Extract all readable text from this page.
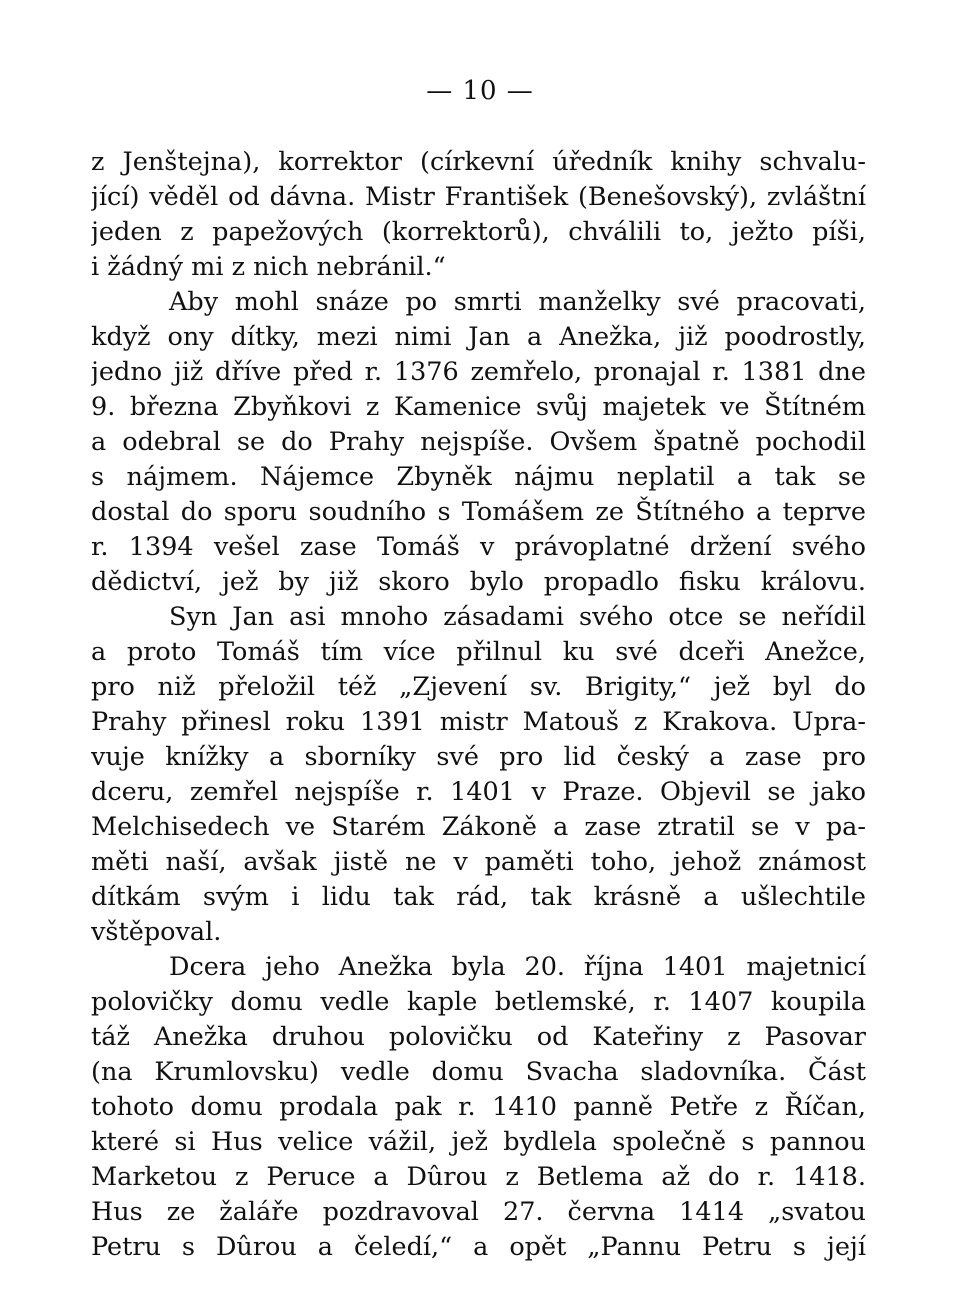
— 10 —
z Jenštejna), korrektor (církevní úředník knihy schvalu-
jící) věděl od dávna. Mistr František (Benešovský), zvláštní
jeden z papežových (korrektorů), chválili to, ježto píši,
i žádný mi z nich nebránil.“
Aby mohl snáze po smrti manželky své pracovati,
když ony dítky, mezi nimi Jan a Anežka, již poodrostly,
jedno již dříve před r. 1376 zemřelo, pronajal r. 1381 dne
9. března Zbyňkovi z Kamenice svůj majetek ve Štítném
a odebral se do Prahy nejspíše. Ovšem špatně pochodil
s nájmem. Nájemce Zbyněk nájmu neplatil a tak se
dostal do sporu soudního s Tomášem ze Štítného a teprve
r. 1394 vešel zase Tomáš v právoplatné držení svého
dědictví, jež by již skoro bylo propadlo fisku královu.
Syn Jan asi mnoho zásadami svého otce se neřídil
a proto Tomáš tím více přilnul ku své dceři Anežce,
pro niž přeložil též „Zjevení sv. Brigity,“ jež byl do
Prahy přinesl roku 1391 mistr Matouš z Krakova. Upra-
vuje knížky a sborníky své pro lid český a zase pro
dceru, zemřel nejspíše r. 1401 v Praze. Objevil se jako
Melchisedech ve Starém Zákoně a zase ztratil se v pa-
měti naší, avšak jistě ne v paměti toho, jehož známost
dítkám svým i lidu tak rád, tak krásně a ušlechtile
vštěpoval.
Dcera jeho Anežka byla 20. října 1401 majetnicí
polovičky domu vedle kaple betlemské, r. 1407 koupila
táž Anežka druhou polovičku od Kateřiny z Pasovar
(na Krumlovsku) vedle domu Svacha sladovníka. Část
tohoto domu prodala pak r. 1410 panně Petře z Říčan,
které si Hus velice vážil, jež bydlela společně s pannou
Marketou z Peruce a Dûrou z Betlema až do r. 1418.
Hus ze žaláře pozdravoval 27. června 1414 „svatou
Petru s Dûrou a čeledí,“ a opět „Pannu Petru s její
